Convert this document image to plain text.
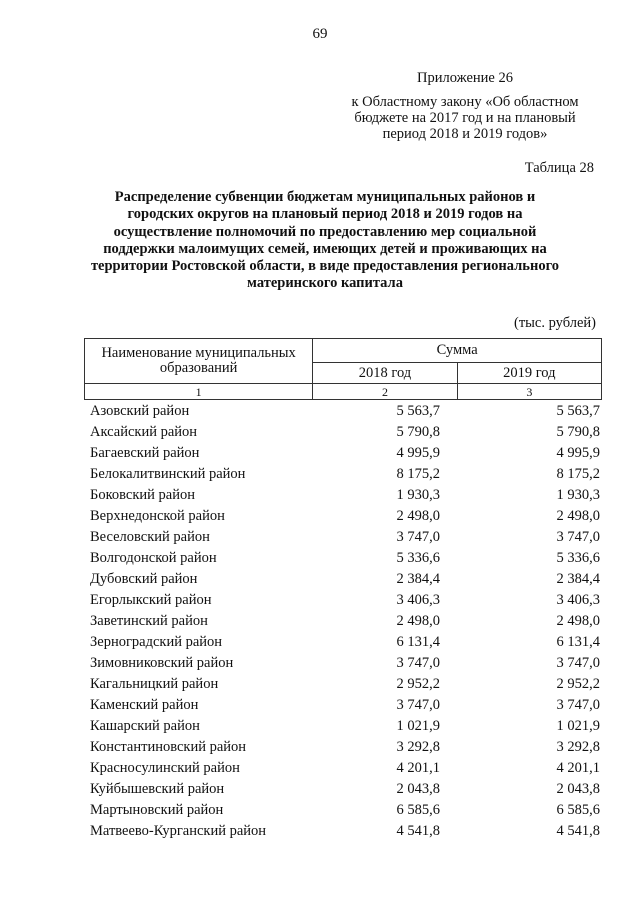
69
Приложение 26
к Областному закону «Об областном
бюджете на 2017 год и на плановый
период 2018 и 2019 годов»
Таблица 28
Распределение субвенции бюджетам муниципальных районов и
городских округов на плановый период 2018 и 2019 годов на
осуществление полномочий по предоставлению мер социальной
поддержки малоимущих семей, имеющих детей и проживающих на
территории Ростовской области, в виде предоставления регионального
материнского капитала
(тыс. рублей)
Наименование муниципальных образований	Сумма	
	2018 год	2019 год
1	2	3
Азовский район	5 563,7	5 563,7
Аксайский район	5 790,8	5 790,8
Багаевский район	4 995,9	4 995,9
Белокалитвинский район	8 175,2	8 175,2
Боковский район	1 930,3	1 930,3
Верхнедонской район	2 498,0	2 498,0
Веселовский район	3 747,0	3 747,0
Волгодонской район	5 336,6	5 336,6
Дубовский район	2 384,4	2 384,4
Егорлыкский район	3 406,3	3 406,3
Заветинский район	2 498,0	2 498,0
Зерноградский район	6 131,4	6 131,4
Зимовниковский район	3 747,0	3 747,0
Кагальницкий район	2 952,2	2 952,2
Каменский район	3 747,0	3 747,0
Кашарский район	1 021,9	1 021,9
Константиновский район	3 292,8	3 292,8
Красносулинский район	4 201,1	4 201,1
Куйбышевский район	2 043,8	2 043,8
Мартыновский район	6 585,6	6 585,6
Матвеево-Курганский район	4 541,8	4 541,8
